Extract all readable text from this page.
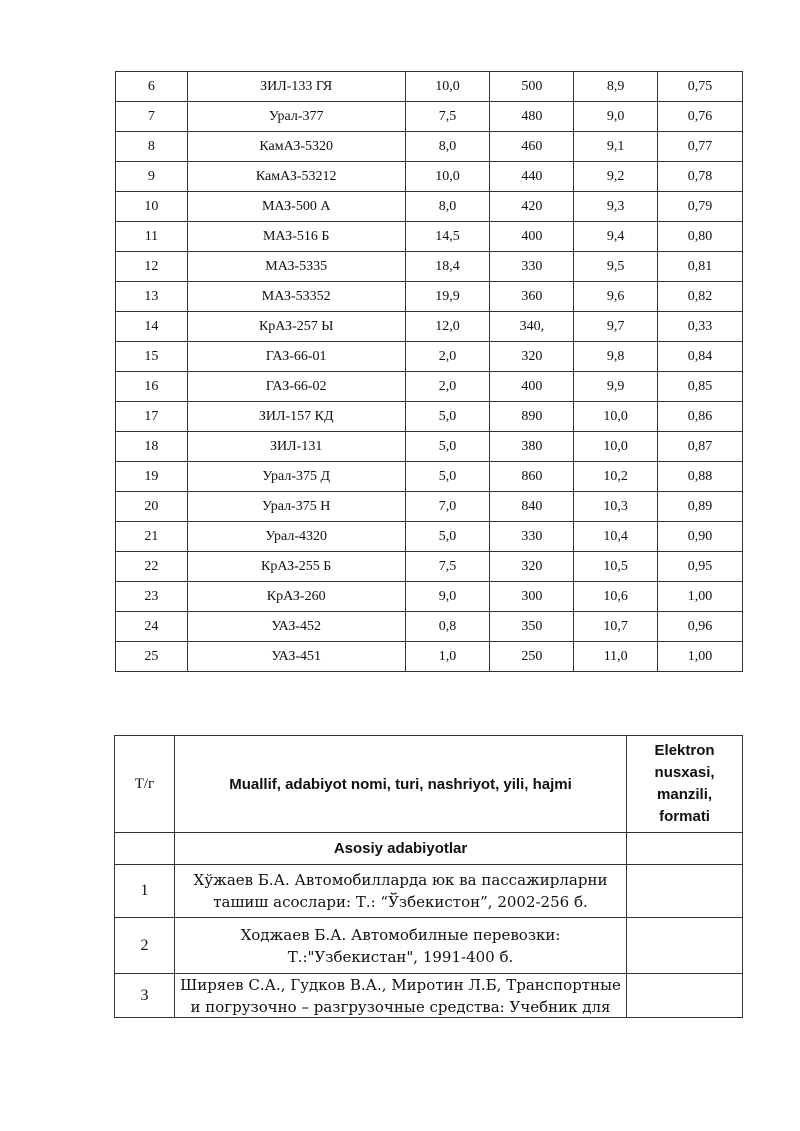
6	ЗИЛ-133 ГЯ	10,0	500	8,9	0,75
7	Урал-377	7,5	480	9,0	0,76
8	КамАЗ-5320	8,0	460	9,1	0,77
9	КамАЗ-53212	10,0	440	9,2	0,78
10	МАЗ-500 А	8,0	420	9,3	0,79
11	МАЗ-516 Б	14,5	400	9,4	0,80
12	МАЗ-5335	18,4	330	9,5	0,81
13	МАЗ-53352	19,9	360	9,6	0,82
14	КрАЗ-257 Ы	12,0	340,	9,7	0,33
15	ГАЗ-66-01	2,0	320	9,8	0,84
16	ГАЗ-66-02	2,0	400	9,9	0,85
17	ЗИЛ-157 КД	5,0	890	10,0	0,86
18	ЗИЛ-131	5,0	380	10,0	0,87
19	Урал-375 Д	5,0	860	10,2	0,88
20	Урал-375 Н	7,0	840	10,3	0,89
21	Урал-4320	5,0	330	10,4	0,90
22	КрАЗ-255 Б	7,5	320	10,5	0,95
23	КрАЗ-260	9,0	300	10,6	1,00
24	УАЗ-452	0,8	350	10,7	0,96
25	УАЗ-451	1,0	250	11,0	1,00
Т/г	Muallif, adabiyot nomi, turi, nashriyot, yili, hajmi	Elektron
nusxasi,
manzili,
formati

	Asosiy adabiyotlar	
1	Хўжаев Б.А. Автомобилларда юк ва пассажирларни
ташиш асослари: Т.: “Ўзбекистон”, 2002-256 б.	

2	Ходжаев Б.А. Автомобилные перевозки:
Т.:"Узбекистан", 1991-400 б.	

3	Ширяев С.А., Гудков В.А., Миротин Л.Б, Транспортные
и погрузочно – разгрузочные средства: Учебник для	
